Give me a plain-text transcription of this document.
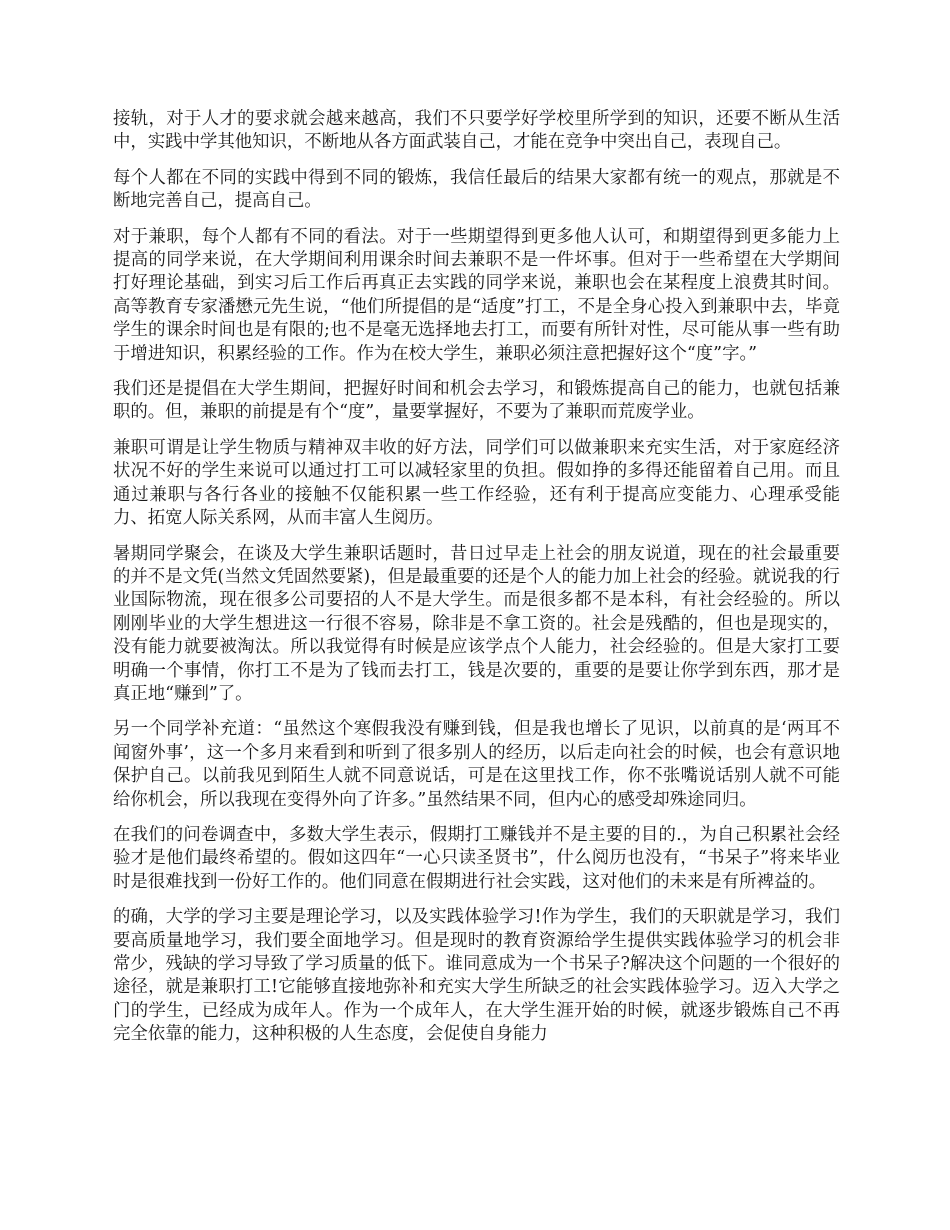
接轨，对于人才的要求就会越来越高，我们不只要学好学校里所学到的知识，还要不断从生活中，实践中学其他知识，不断地从各方面武装自己，才能在竞争中突出自己，表现自己。

每个人都在不同的实践中得到不同的锻炼，我信任最后的结果大家都有统一的观点，那就是不断地完善自己，提高自己。

对于兼职，每个人都有不同的看法。对于一些期望得到更多他人认可，和期望得到更多能力上提高的同学来说，在大学期间利用课余时间去兼职不是一件坏事。但对于一些希望在大学期间打好理论基础，到实习后工作后再真正去实践的同学来说，兼职也会在某程度上浪费其时间。高等教育专家潘懋元先生说，“他们所提倡的是“适度”打工，不是全身心投入到兼职中去，毕竟学生的课余时间也是有限的;也不是毫无选择地去打工，而要有所针对性，尽可能从事一些有助于增进知识，积累经验的工作。作为在校大学生，兼职必须注意把握好这个“度”字。”

我们还是提倡在大学生期间，把握好时间和机会去学习，和锻炼提高自己的能力，也就包括兼职的。但，兼职的前提是有个“度”，量要掌握好，不要为了兼职而荒废学业。

兼职可谓是让学生物质与精神双丰收的好方法，同学们可以做兼职来充实生活，对于家庭经济状况不好的学生来说可以通过打工可以减轻家里的负担。假如挣的多得还能留着自己用。而且通过兼职与各行各业的接触不仅能积累一些工作经验，还有利于提高应变能力、心理承受能力、拓宽人际关系网，从而丰富人生阅历。

暑期同学聚会，在谈及大学生兼职话题时，昔日过早走上社会的朋友说道，现在的社会最重要的并不是文凭(当然文凭固然要紧)，但是最重要的还是个人的能力加上社会的经验。就说我的行业国际物流，现在很多公司要招的人不是大学生。而是很多都不是本科，有社会经验的。所以刚刚毕业的大学生想进这一行很不容易，除非是不拿工资的。社会是残酷的，但也是现实的，没有能力就要被淘汰。所以我觉得有时候是应该学点个人能力，社会经验的。但是大家打工要明确一个事情，你打工不是为了钱而去打工，钱是次要的，重要的是要让你学到东西，那才是真正地“赚到”了。

另一个同学补充道：“虽然这个寒假我没有赚到钱，但是我也增长了见识，以前真的是‘两耳不闻窗外事’，这一个多月来看到和听到了很多别人的经历，以后走向社会的时候，也会有意识地保护自己。以前我见到陌生人就不同意说话，可是在这里找工作，你不张嘴说话别人就不可能给你机会，所以我现在变得外向了许多。”虽然结果不同，但内心的感受却殊途同归。

在我们的问卷调查中，多数大学生表示，假期打工赚钱并不是主要的目的.，为自己积累社会经验才是他们最终希望的。假如这四年“一心只读圣贤书”，什么阅历也没有，“书呆子”将来毕业时是很难找到一份好工作的。他们同意在假期进行社会实践，这对他们的未来是有所裨益的。

的确，大学的学习主要是理论学习，以及实践体验学习!作为学生，我们的天职就是学习，我们要高质量地学习，我们要全面地学习。但是现时的教育资源给学生提供实践体验学习的机会非常少，残缺的学习导致了学习质量的低下。谁同意成为一个书呆子?解决这个问题的一个很好的途径，就是兼职打工!它能够直接地弥补和充实大学生所缺乏的社会实践体验学习。迈入大学之门的学生，已经成为成年人。作为一个成年人，在大学生涯开始的时候，就逐步锻炼自己不再完全依靠的能力，这种积极的人生态度，会促使自身能力
